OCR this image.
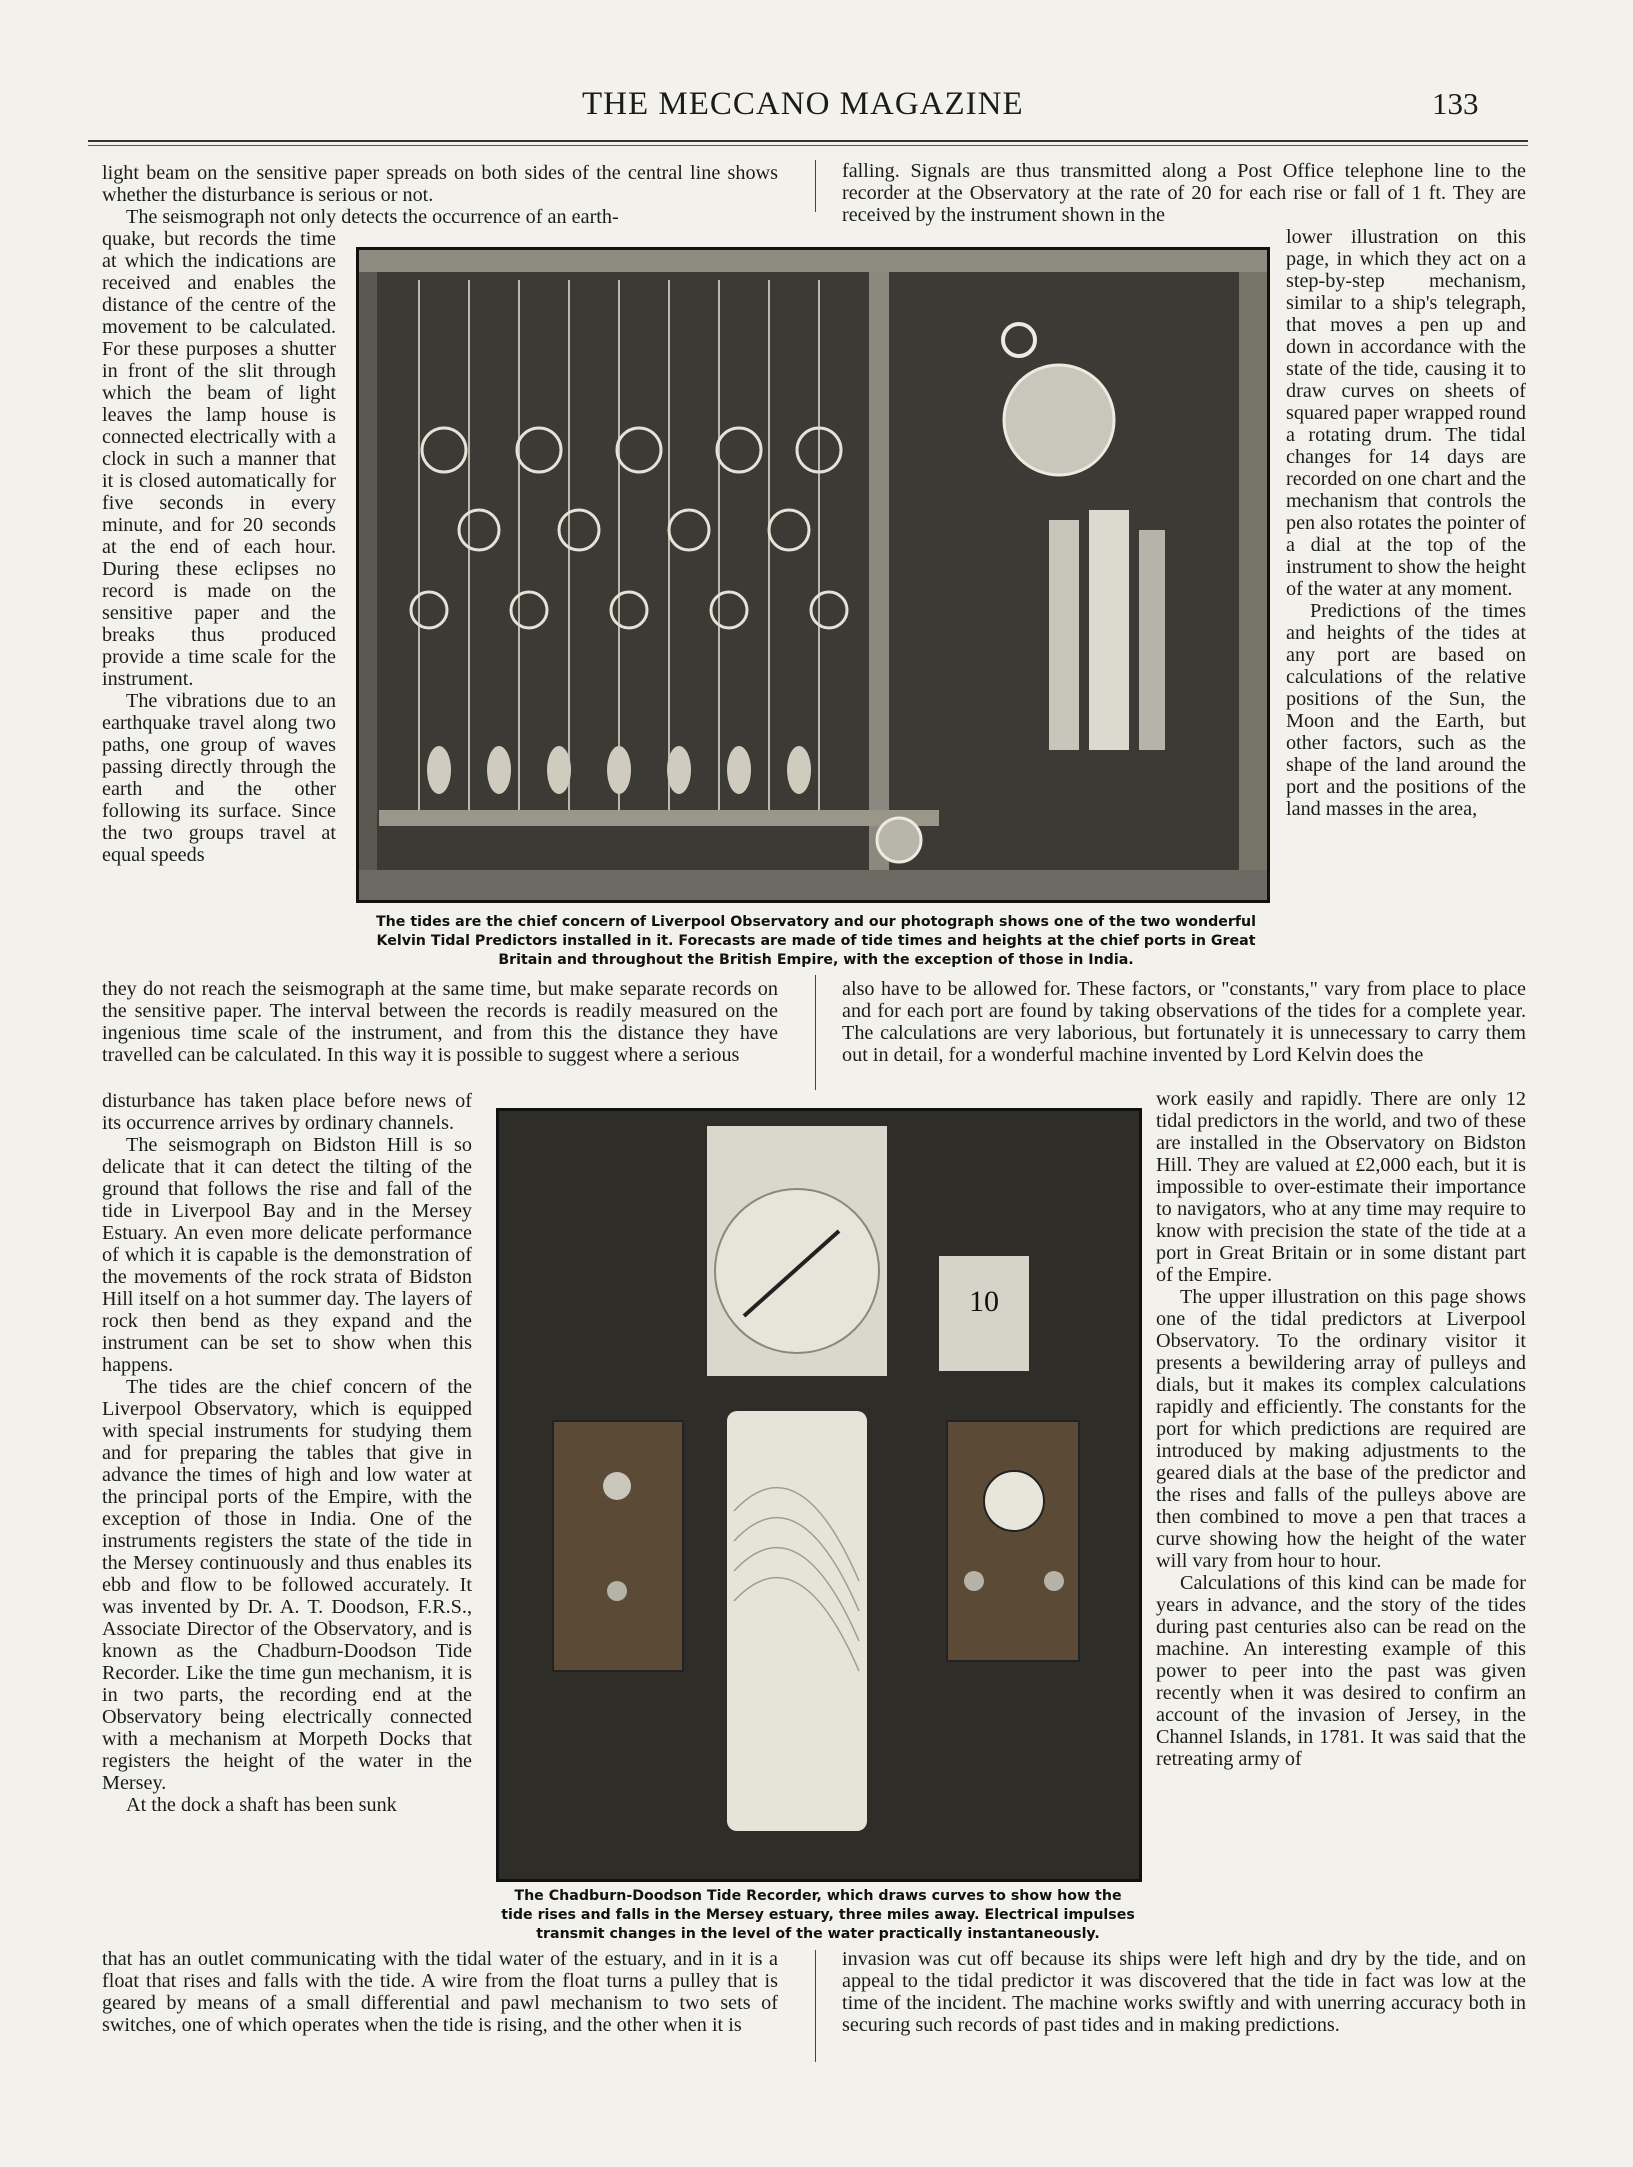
THE MECCANO MAGAZINE	133

light beam on the sensitive paper spreads on both sides of the central line shows whether the disturbance is serious or not.

The seismograph not only detects the occurrence of an earth-

quake, but records the time at which the indications are received and enables the distance of the centre of the movement to be calculated. For these purposes a shutter in front of the slit through which the beam of light leaves the lamp house is connected electrically with a clock in such a manner that it is closed automatically for five seconds in every minute, and for 20 seconds at the end of each hour. During these eclipses no record is made on the sensitive paper and the breaks thus produced provide a time scale for the instrument.

The vibrations due to an earthquake travel along two paths, one group of waves passing directly through the earth and the other following its surface. Since the two groups travel at equal speeds

they do not reach the seismograph at the same time, but make separate records on the sensitive paper. The interval between the records is readily measured on the ingenious time scale of the instrument, and from this the distance they have travelled can be calculated. In this way it is possible to suggest where a serious

disturbance has taken place before news of its occurrence arrives by ordinary channels.

The seismograph on Bidston Hill is so delicate that it can detect the tilting of the ground that follows the rise and fall of the tide in Liverpool Bay and in the Mersey Estuary. An even more delicate performance of which it is capable is the demonstration of the movements of the rock strata of Bidston Hill itself on a hot summer day. The layers of rock then bend as they expand and the instrument can be set to show when this happens.

The tides are the chief concern of the Liverpool Observatory, which is equipped with special instruments for studying them and for preparing the tables that give in advance the times of high and low water at the principal ports of the Empire, with the exception of those in India. One of the instruments registers the state of the tide in the Mersey continuously and thus enables its ebb and flow to be followed accurately. It was invented by Dr. A. T. Doodson, F.R.S., Associate Director of the Observatory, and is known as the Chadburn-Doodson Tide Recorder. Like the time gun mechanism, it is in two parts, the recording end at the Observatory being electrically connected with a mechanism at Morpeth Docks that registers the height of the water in the Mersey.

At the dock a shaft has been sunk

that has an outlet communicating with the tidal water of the estuary, and in it is a float that rises and falls with the tide. A wire from the float turns a pulley that is geared by means of a small differential and pawl mechanism to two sets of switches, one of which operates when the tide is rising, and the other when it is

falling. Signals are thus transmitted along a Post Office telephone line to the recorder at the Observatory at the rate of 20 for each rise or fall of 1 ft. They are received by the instrument shown in the

lower illustration on this page, in which they act on a step-by-step mechanism, similar to a ship's telegraph, that moves a pen up and down in accordance with the state of the tide, causing it to draw curves on sheets of squared paper wrapped round a rotating drum. The tidal changes for 14 days are recorded on one chart and the mechanism that controls the pen also rotates the pointer of a dial at the top of the instrument to show the height of the water at any moment.

Predictions of the times and heights of the tides at any port are based on calculations of the relative positions of the Sun, the Moon and the Earth, but other factors, such as the shape of the land around the port and the positions of the land masses in the area,

also have to be allowed for. These factors, or "constants," vary from place to place and for each port are found by taking observations of the tides for a complete year. The calculations are very laborious, but fortunately it is unnecessary to carry them out in detail, for a wonderful machine invented by Lord Kelvin does the

work easily and rapidly. There are only 12 tidal predictors in the world, and two of these are installed in the Observatory on Bidston Hill. They are valued at £2,000 each, but it is impossible to over-estimate their importance to navigators, who at any time may require to know with precision the state of the tide at a port in Great Britain or in some distant part of the Empire.

The upper illustration on this page shows one of the tidal predictors at Liverpool Observatory. To the ordinary visitor it presents a bewildering array of pulleys and dials, but it makes its complex calculations rapidly and efficiently. The constants for the port for which predictions are required are introduced by making adjustments to the geared dials at the base of the predictor and the rises and falls of the pulleys above are then combined to move a pen that traces a curve showing how the height of the water will vary from hour to hour.

Calculations of this kind can be made for years in advance, and the story of the tides during past centuries also can be read on the machine. An interesting example of this power to peer into the past was given recently when it was desired to confirm an account of the invasion of Jersey, in the Channel Islands, in 1781. It was said that the retreating army of

invasion was cut off because its ships were left high and dry by the tide, and on appeal to the tidal predictor it was discovered that the tide in fact was low at the time of the incident. The machine works swiftly and with unerring accuracy both in securing such records of past tides and in making predictions.

The tides are the chief concern of Liverpool Observatory and our photograph shows one of the two wonderful Kelvin Tidal Predictors installed in it. Forecasts are made of tide times and heights at the chief ports in Great Britain and throughout the British Empire, with the exception of those in India.
10
The Chadburn-Doodson Tide Recorder, which draws curves to show how the tide rises and falls in the Mersey estuary, three miles away. Electrical impulses transmit changes in the level of the water practically instantaneously.
